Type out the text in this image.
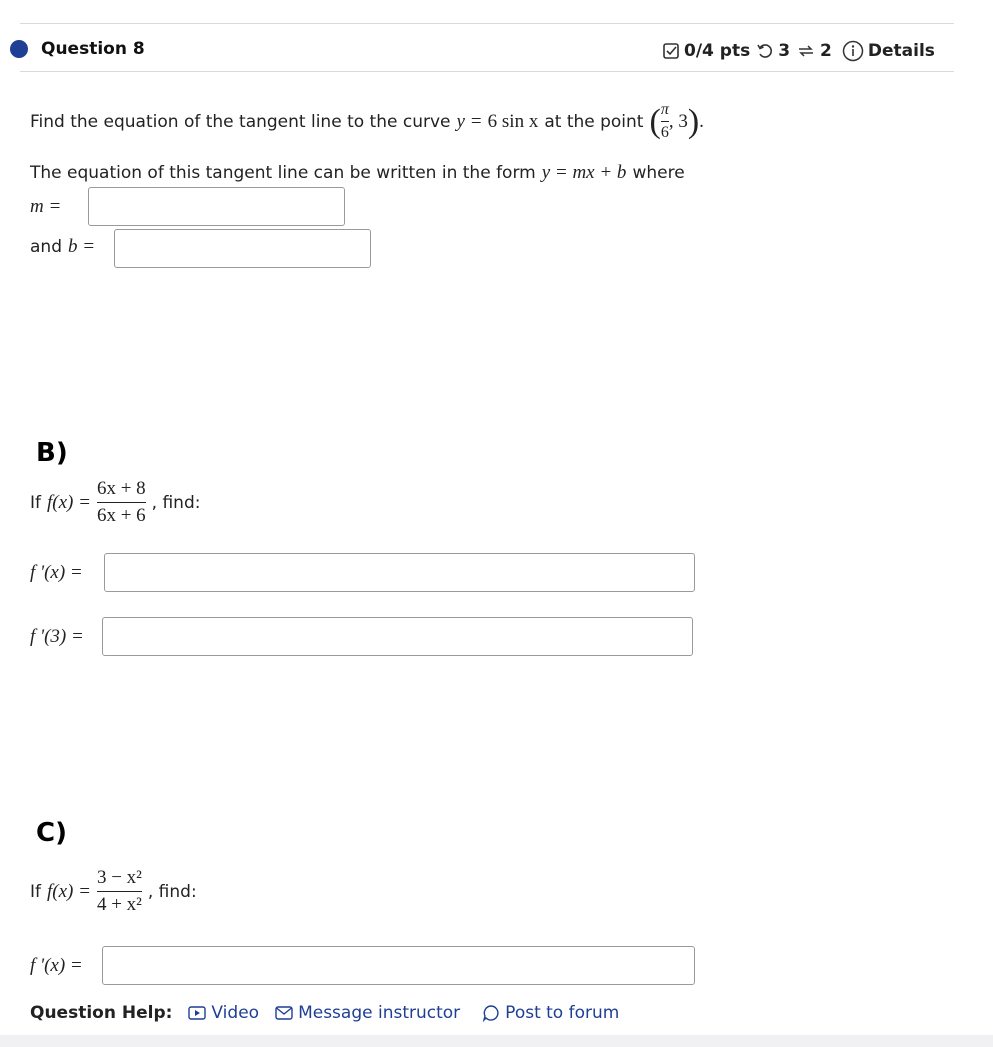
Question 8	0/4 pts 3 2 Details
Find the equation of the tangent line to the curve y = 6 sin x at the point ( $\frac{\pi}{6}$ , 3 ) .
The equation of this tangent line can be written in the form y = mx + b where
m =
and b =
B)
If $f(x) = \frac{6x + 8}{6x + 6}$ , find:
f '(x) =
f '(3) =
C)
If $f(x) = \frac{\text{3 − x²}}{\text{4 + x²}}$ , find:
f '(x) =
Question Help: Video Message instructor	Post to forum
